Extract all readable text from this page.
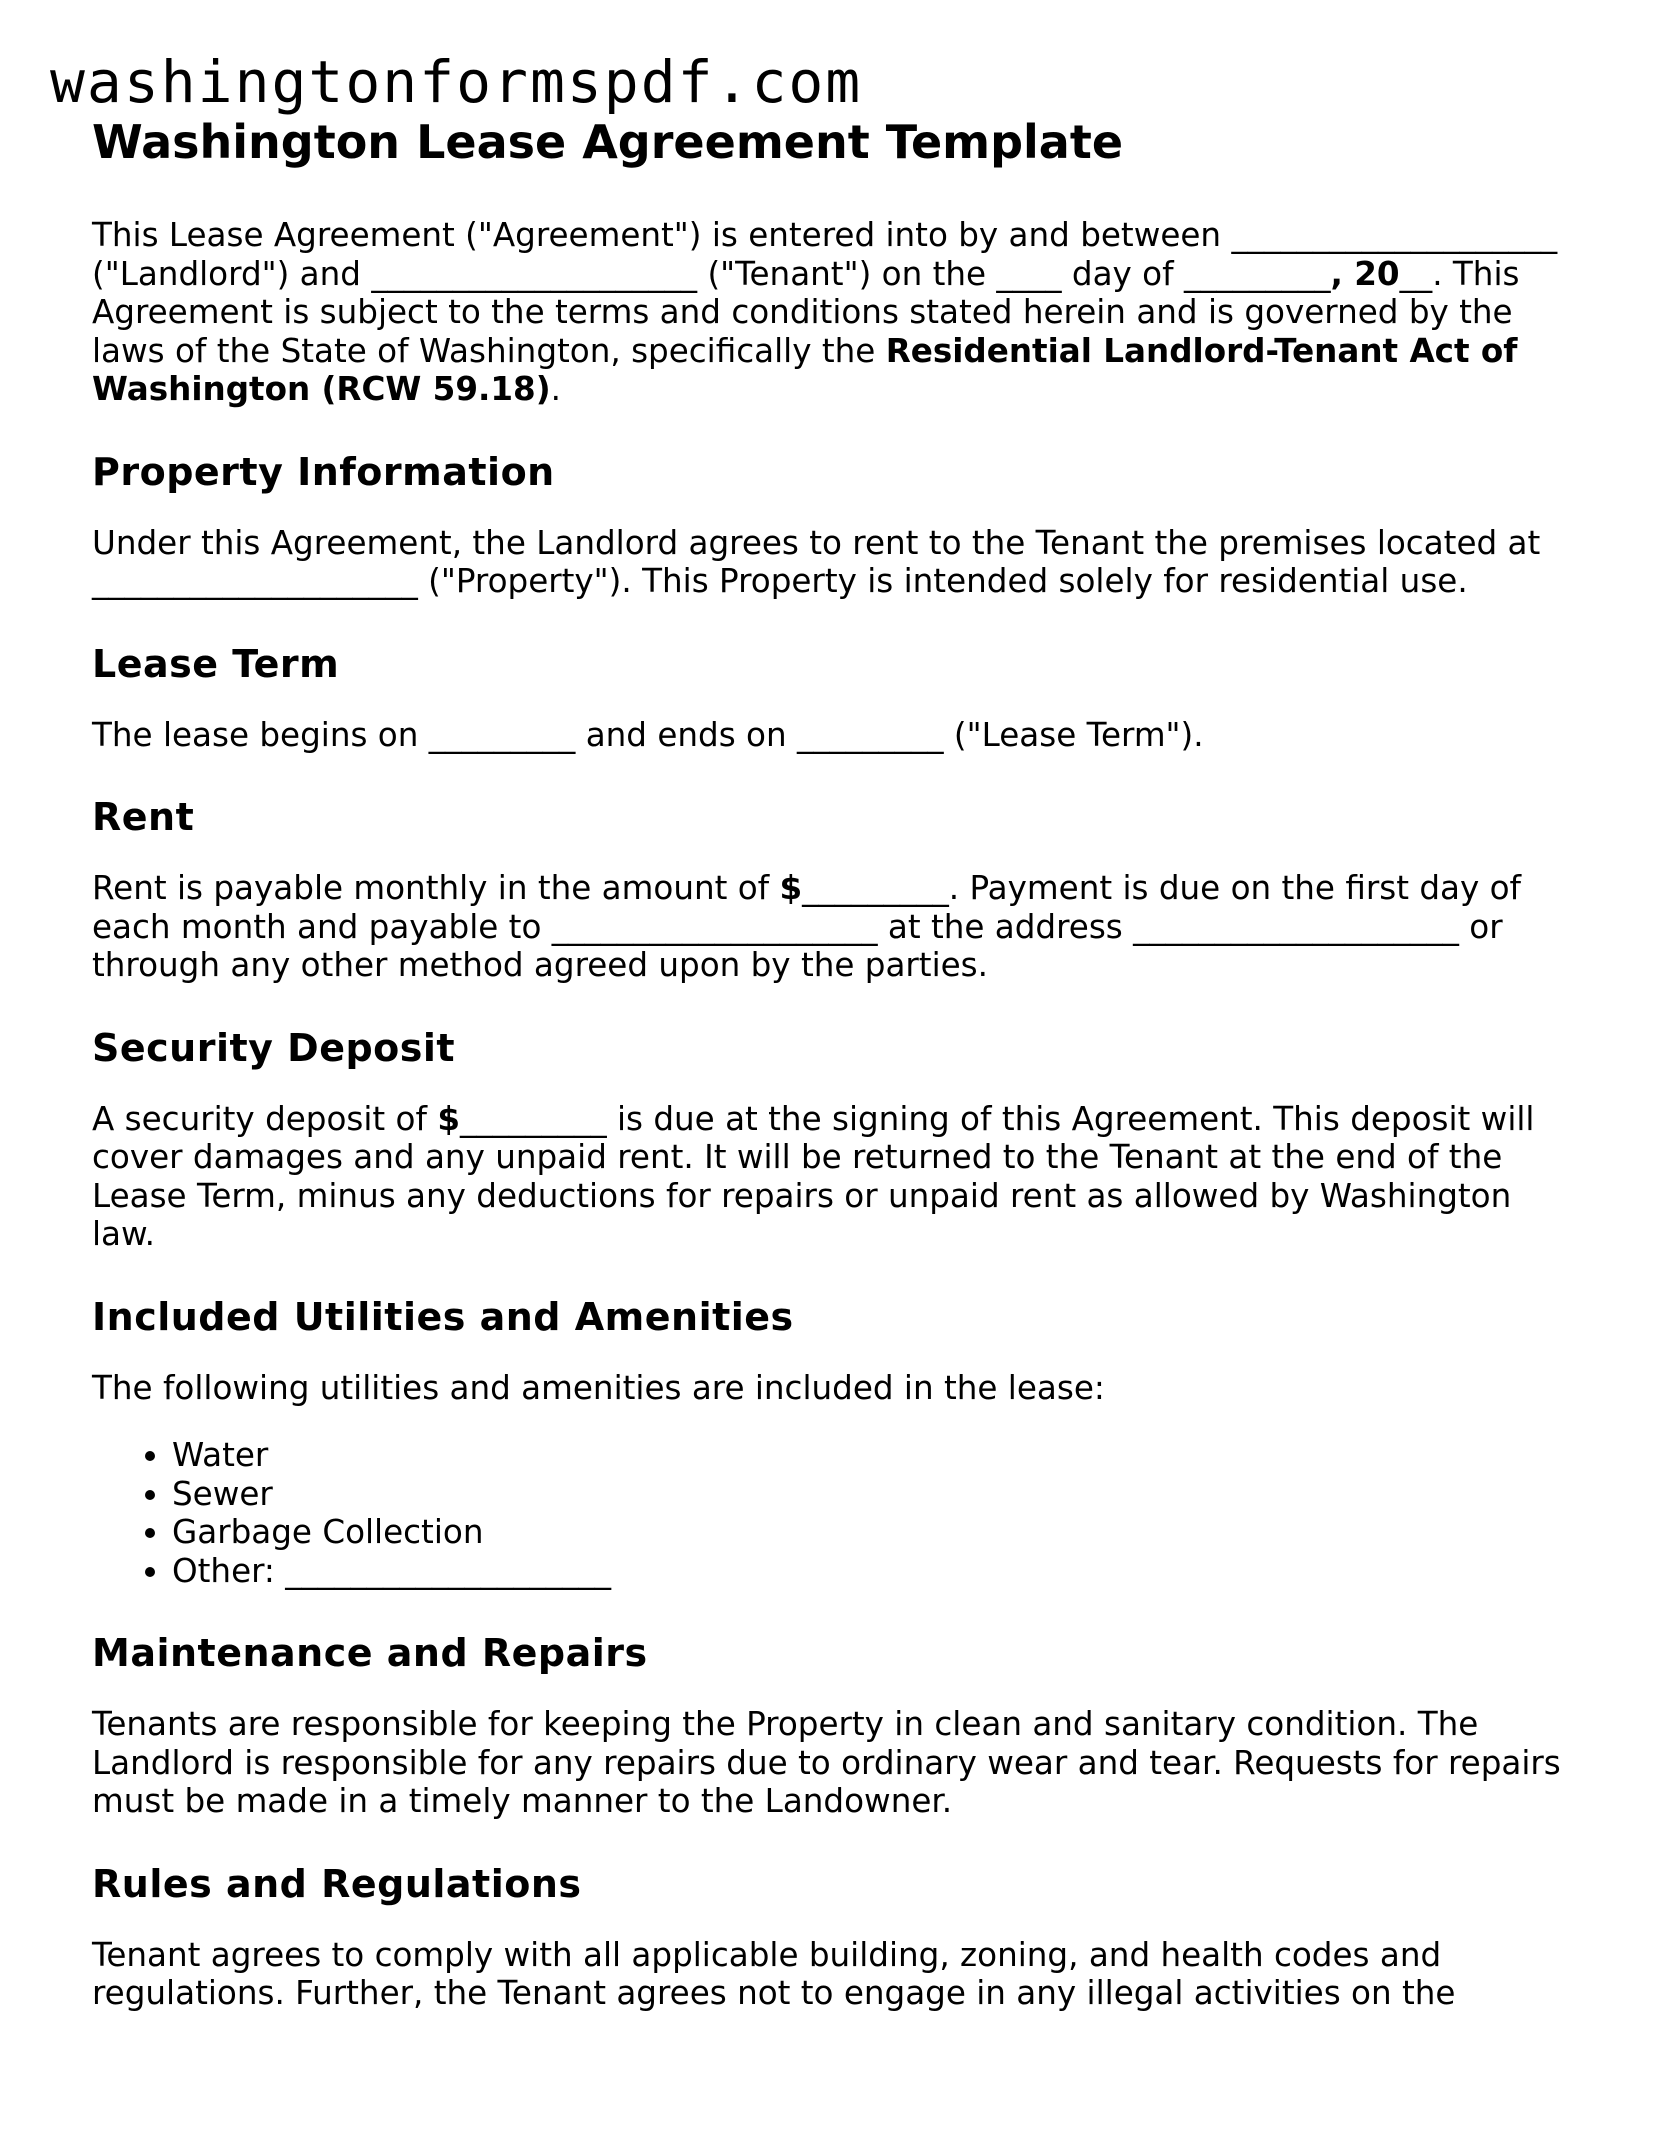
washingtonformspdf.com
Washington Lease Agreement Template

This Lease Agreement ("Agreement") is entered into by and between ____________________ ("Landlord") and ____________________ ("Tenant") on the ____ day of _________, 20__. This Agreement is subject to the terms and conditions stated herein and is governed by the laws of the State of Washington, specifically the Residential Landlord-Tenant Act of Washington (RCW 59.18).

Property Information

Under this Agreement, the Landlord agrees to rent to the Tenant the premises located at ____________________ ("Property"). This Property is intended solely for residential use.

Lease Term

The lease begins on _________ and ends on _________ ("Lease Term").

Rent

Rent is payable monthly in the amount of $_________. Payment is due on the first day of each month and payable to ____________________ at the address ____________________ or through any other method agreed upon by the parties.

Security Deposit

A security deposit of $_________ is due at the signing of this Agreement. This deposit will cover damages and any unpaid rent. It will be returned to the Tenant at the end of the Lease Term, minus any deductions for repairs or unpaid rent as allowed by Washington law.

Included Utilities and Amenities

The following utilities and amenities are included in the lease:

• Water
• Sewer
• Garbage Collection
• Other: ____________________
Maintenance and Repairs

Tenants are responsible for keeping the Property in clean and sanitary condition. The Landlord is responsible for any repairs due to ordinary wear and tear. Requests for repairs must be made in a timely manner to the Landowner.

Rules and Regulations

Tenant agrees to comply with all applicable building, zoning, and health codes and regulations. Further, the Tenant agrees not to engage in any illegal activities on the
